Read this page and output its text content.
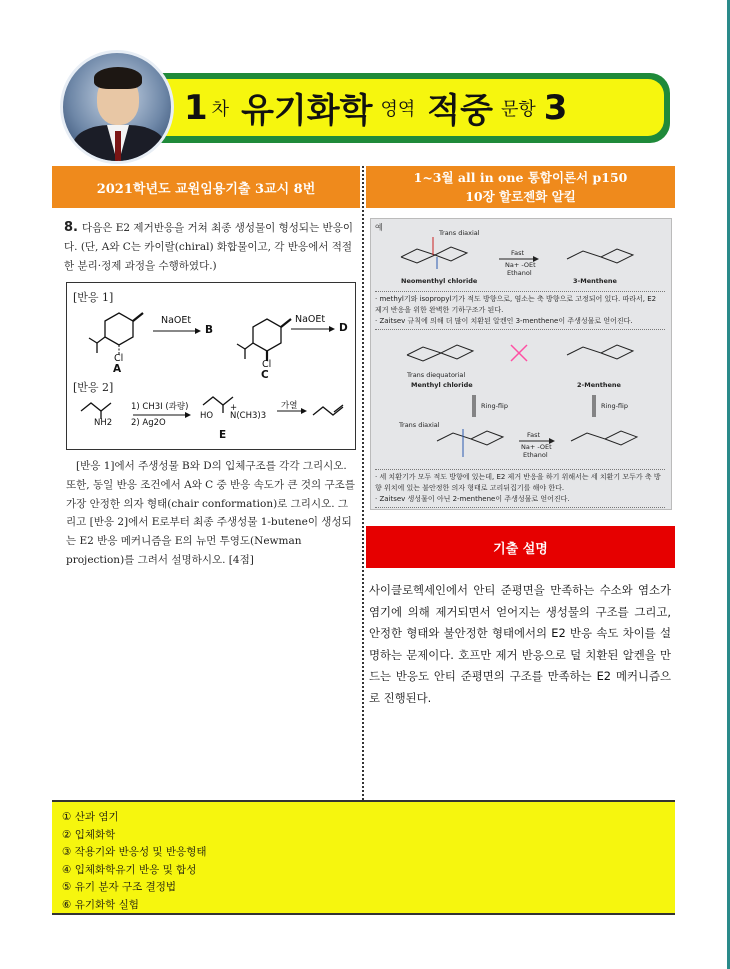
1 차 유기화학 영역 적중 문항 3
2021학년도 교원임용기출 3교시 8번
1~3월 all in one 통합이론서 p150
10장 할로젠화 알킬
8. 다음은 E2 제거반응을 거쳐 최종 생성물이 형성되는 반응이다. (단, A와 C는 카이랄(chiral) 화합물이고, 각 반응에서 적절한 분리·정제 과정을 수행하였다.)
[반응 1]
NaOEt
B
Cl
A
NaOEt
D
Cl
C
[반응 2]
NH2
1) CH3I (과량)
2) Ag2O
HO N(CH3)3
+
E
가열
[반응 1]에서 주생성물 B와 D의 입체구조를 각각 그리시오. 또한, 동일 반응 조건에서 A와 C 중 반응 속도가 큰 것의 구조를 가장 안정한 의자 형태(chair conformation)로 그리시오. 그리고 [반응 2]에서 E로부터 최종 주생성물 1-butene이 생성되는 E2 반응 메커니즘을 E의 뉴먼 투영도(Newman projection)를 그려서 설명하시오. [4점]
예
Trans diaxial
Fast
Na+ -OEt
Ethanol
Neomenthyl chloride	3-Menthene
· methyl기와 isopropyl기가 적도 방향으로, 염소는 축 방향으로 고정되어 있다. 따라서, E2 제거 반응을 위한 완벽한 기하구조가 된다.
· Zaitsev 규칙에 의해 더 많이 치환된 알켄인 3-menthene이 주생성물로 얻어진다.
Trans diequatorial
Menthyl chloride	2-Menthene
Ring-flip	Ring-flip
Trans diaxial
Fast
Na+ -OEt
Ethanol
· 세 치환기가 모두 적도 방향에 있는데, E2 제거 반응을 하기 위해서는 세 치환기 모두가 축 방향 위치에 있는 불안정한 의자 형태로 고리뒤집기를 해야 한다.
· Zaitsev 생성물이 아닌 2-menthene이 주생성물로 얻어진다.
기출 설명
사이클로헥세인에서 안티 준평면을 만족하는 수소와 염소가 염기에 의해 제거되면서 얻어지는 생성물의 구조를 그리고, 안정한 형태와 불안정한 형태에서의 E2 반응 속도 차이를 설명하는 문제이다. 호프만 제거 반응으로 덜 치환된 알켄을 만드는 반응도 안티 준평면의 구조를 만족하는 E2 메커니즘으로 진행된다.
① 산과 염기
② 입체화학
③ 작용기와 반응성 및 반응형태
④ 입체화학유기 반응 및 합성
⑤ 유기 분자 구조 결정법
⑥ 유기화학 실험
